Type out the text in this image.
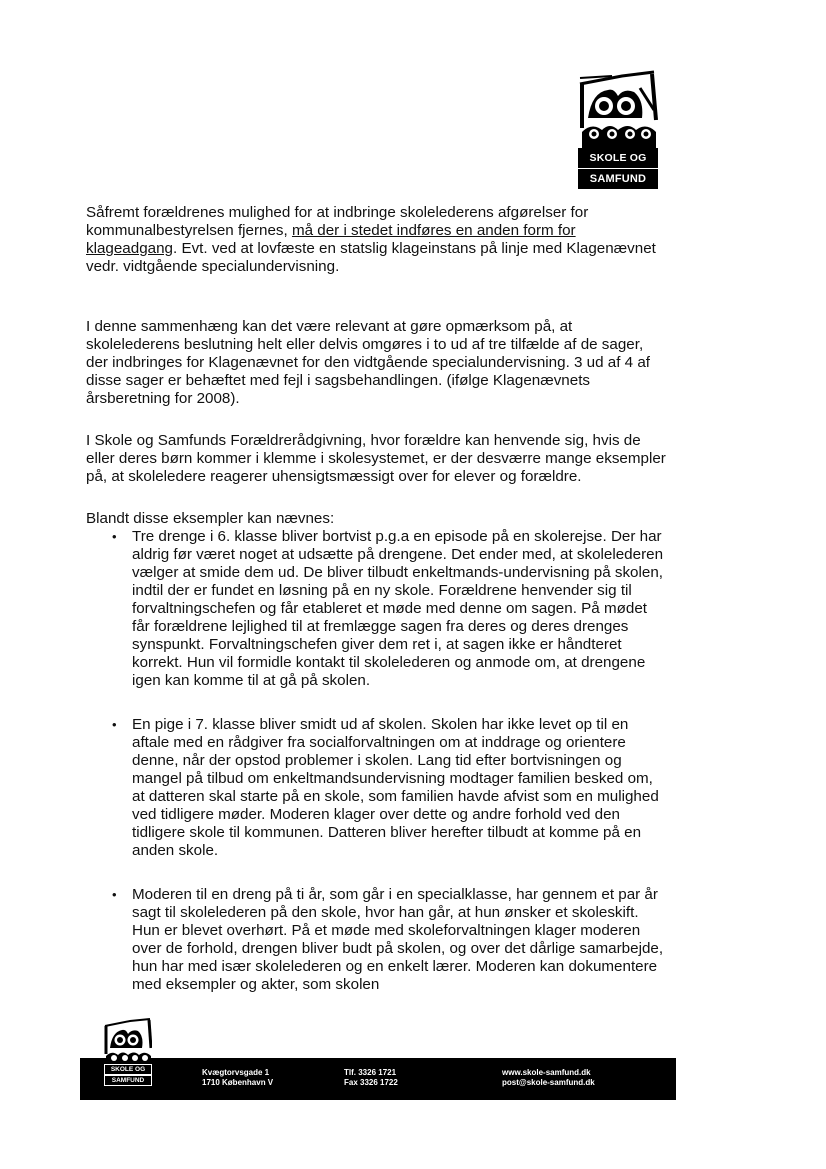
SKOLE OG
SAMFUND

Såfremt forældrenes mulighed for at indbringe skolelederens afgørelser for kommunalbestyrelsen fjernes, må der i stedet indføres en anden form for klageadgang. Evt. ved at lovfæste en statslig klageinstans på linje med Klagenævnet vedr. vidtgående specialundervisning.

I denne sammenhæng kan det være relevant at gøre opmærksom på, at skolelederens beslutning helt eller delvis omgøres i to ud af tre tilfælde af de sager, der indbringes for Klagenævnet for den vidtgående specialundervisning. 3 ud af 4 af disse sager er behæftet med fejl i sagsbehandlingen. (ifølge Klagenævnets årsberetning for 2008).

I Skole og Samfunds Forældrerådgivning, hvor forældre kan henvende sig, hvis de eller deres børn kommer i klemme i skolesystemet, er der desværre mange eksempler på, at skoleledere reagerer uhensigtsmæssigt over for elever og forældre.

Blandt disse eksempler kan nævnes:

• Tre drenge i 6. klasse bliver bortvist p.g.a en episode på en skolerejse. Der har aldrig før været noget at udsætte på drengene. Det ender med, at skolelederen vælger at smide dem ud. De bliver tilbudt enkeltmands-undervisning på skolen, indtil der er fundet en løsning på en ny skole. Forældrene henvender sig til forvaltningschefen og får etableret et møde med denne om sagen. På mødet får forældrene lejlighed til at fremlægge sagen fra deres og deres drenges synspunkt. Forvaltningschefen giver dem ret i, at sagen ikke er håndteret korrekt. Hun vil formidle kontakt til skolelederen og anmode om, at drengene igen kan komme til at gå på skolen.
• En pige i 7. klasse bliver smidt ud af skolen. Skolen har ikke levet op til en aftale med en rådgiver fra socialforvaltningen om at inddrage og orientere denne, når der opstod problemer i skolen. Lang tid efter bortvisningen og mangel på tilbud om enkeltmandsundervisning modtager familien besked om, at datteren skal starte på en skole, som familien havde afvist som en mulighed ved tidligere møder. Moderen klager over dette og andre forhold ved den tidligere skole til kommunen. Datteren bliver herefter tilbudt at komme på en anden skole.
• Moderen til en dreng på ti år, som går i en specialklasse, har gennem et par år sagt til skolelederen på den skole, hvor han går, at hun ønsker et skoleskift. Hun er blevet overhørt. På et møde med skoleforvaltningen klager moderen over de forhold, drengen bliver budt på skolen, og over det dårlige samarbejde, hun har med især skolelederen og en enkelt lærer. Moderen kan dokumentere med eksempler og akter, som skolen
Kvægtorvsgade 1
1710 København V
Tlf. 3326 1721
Fax 3326 1722
www.skole-samfund.dk
post@skole-samfund.dk
SKOLE OG
SAMFUND
